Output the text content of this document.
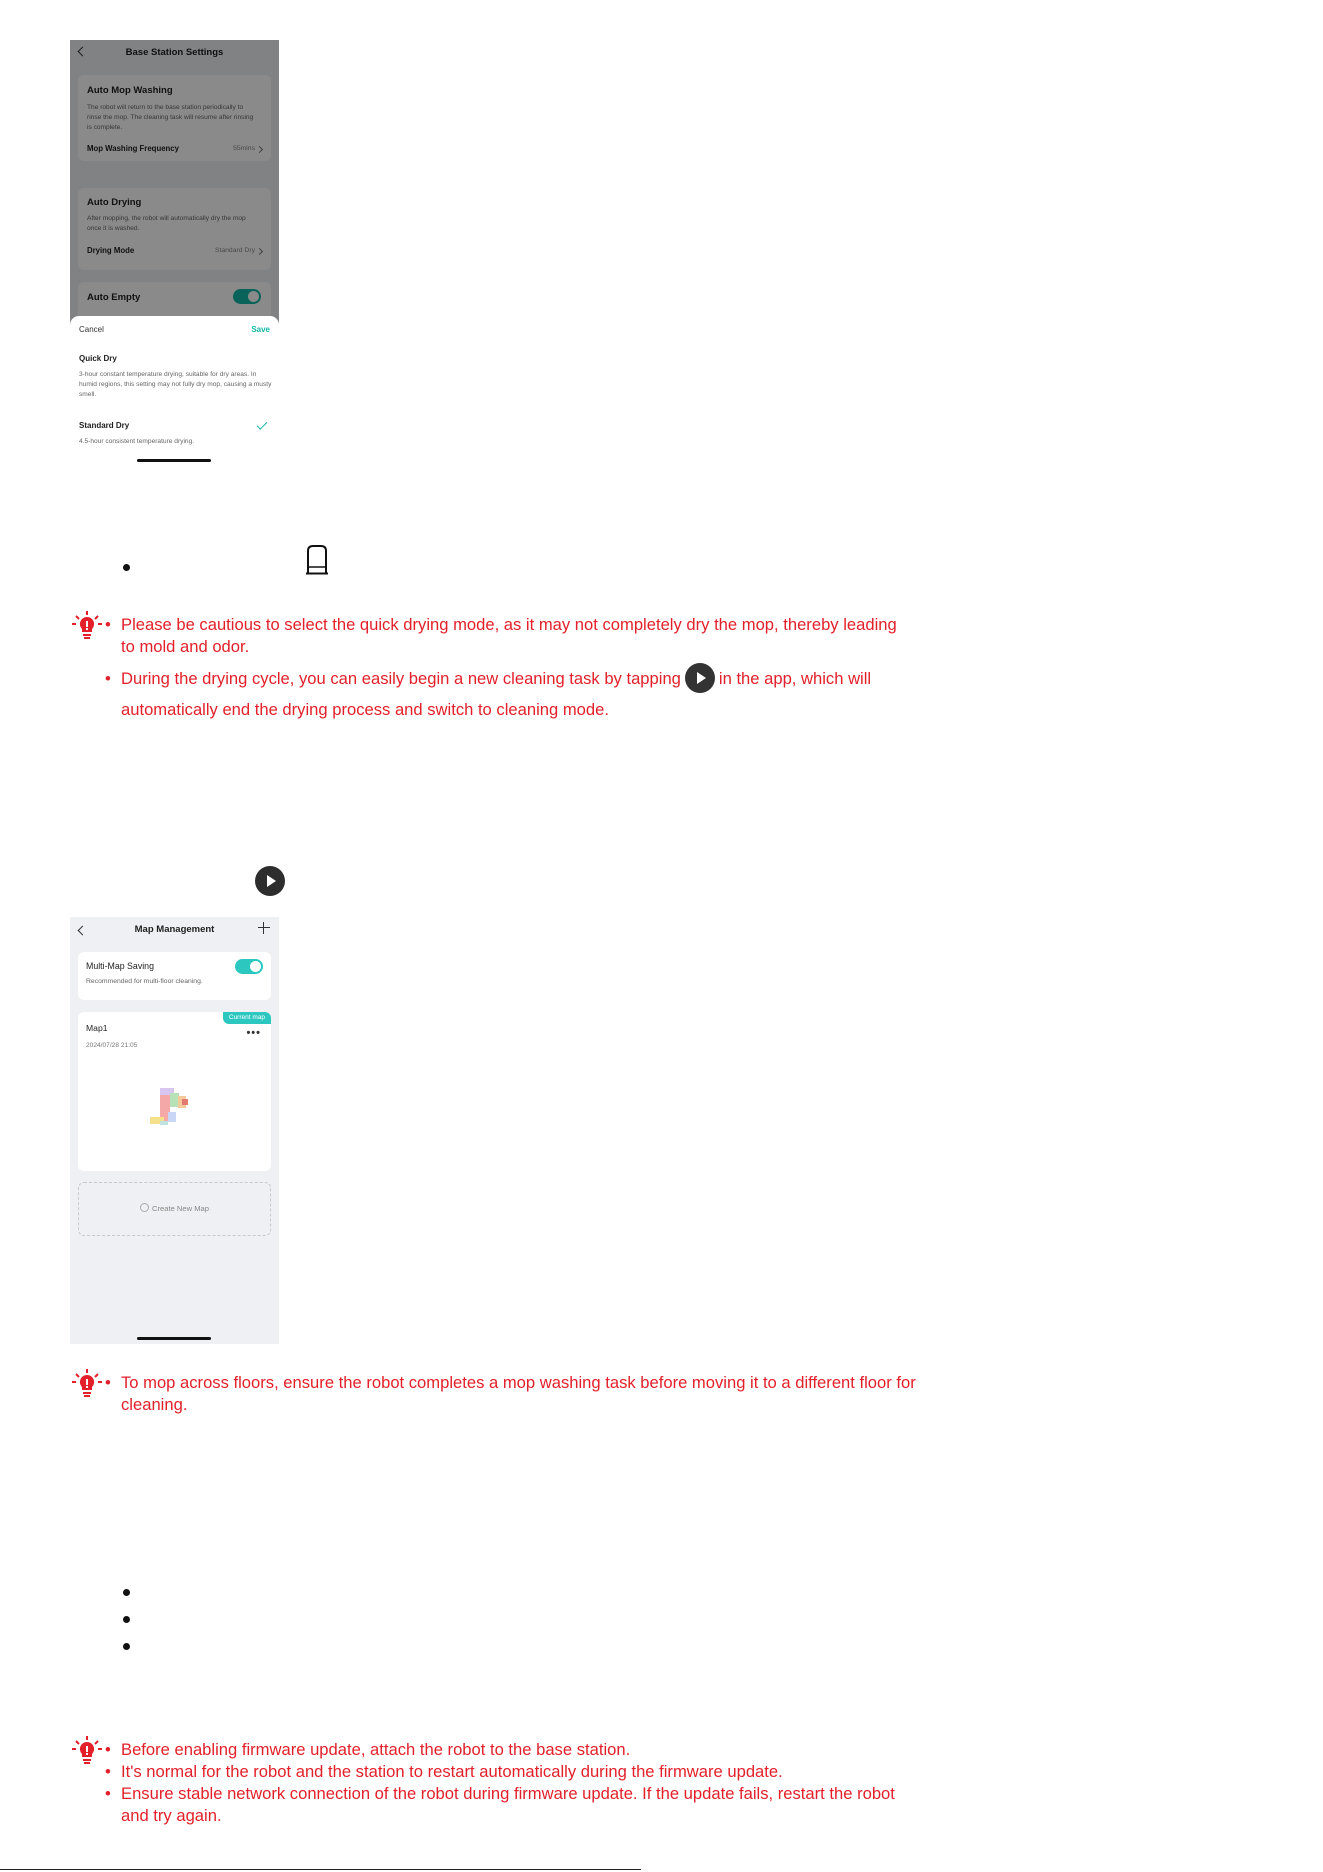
Base Station Settings
Auto Mop Washing
The robot will return to the base station periodically to rinse the mop. The cleaning task will resume after rinsing is complete.
Mop Washing Frequency	55mins
Auto Drying
After mopping, the robot will automatically dry the mop once it is washed.
Drying Mode	Standard Dry
Auto Empty
Cancel	Save
Quick Dry
3-hour constant temperature drying, suitable for dry areas. In humid regions, this setting may not fully dry mop, causing a musty smell.
Standard Dry
4.5-hour consistent temperature drying.
• Please be cautious to select the quick drying mode, as it may not completely dry the mop, thereby leading to mold and odor.
• During the drying cycle, you can easily begin a new cleaning task by tapping in the app, which will automatically end the drying process and switch to cleaning mode.
Map Management
Multi-Map Saving
Recommended for multi-floor cleaning.
Current map
•••
Map1
2024/07/28 21:05
Create New Map
• To mop across floors, ensure the robot completes a mop washing task before moving it to a different floor for cleaning.
• Before enabling firmware update, attach the robot to the base station.
• It's normal for the robot and the station to restart automatically during the firmware update.
• Ensure stable network connection of the robot during firmware update. If the update fails, restart the robot and try again.
